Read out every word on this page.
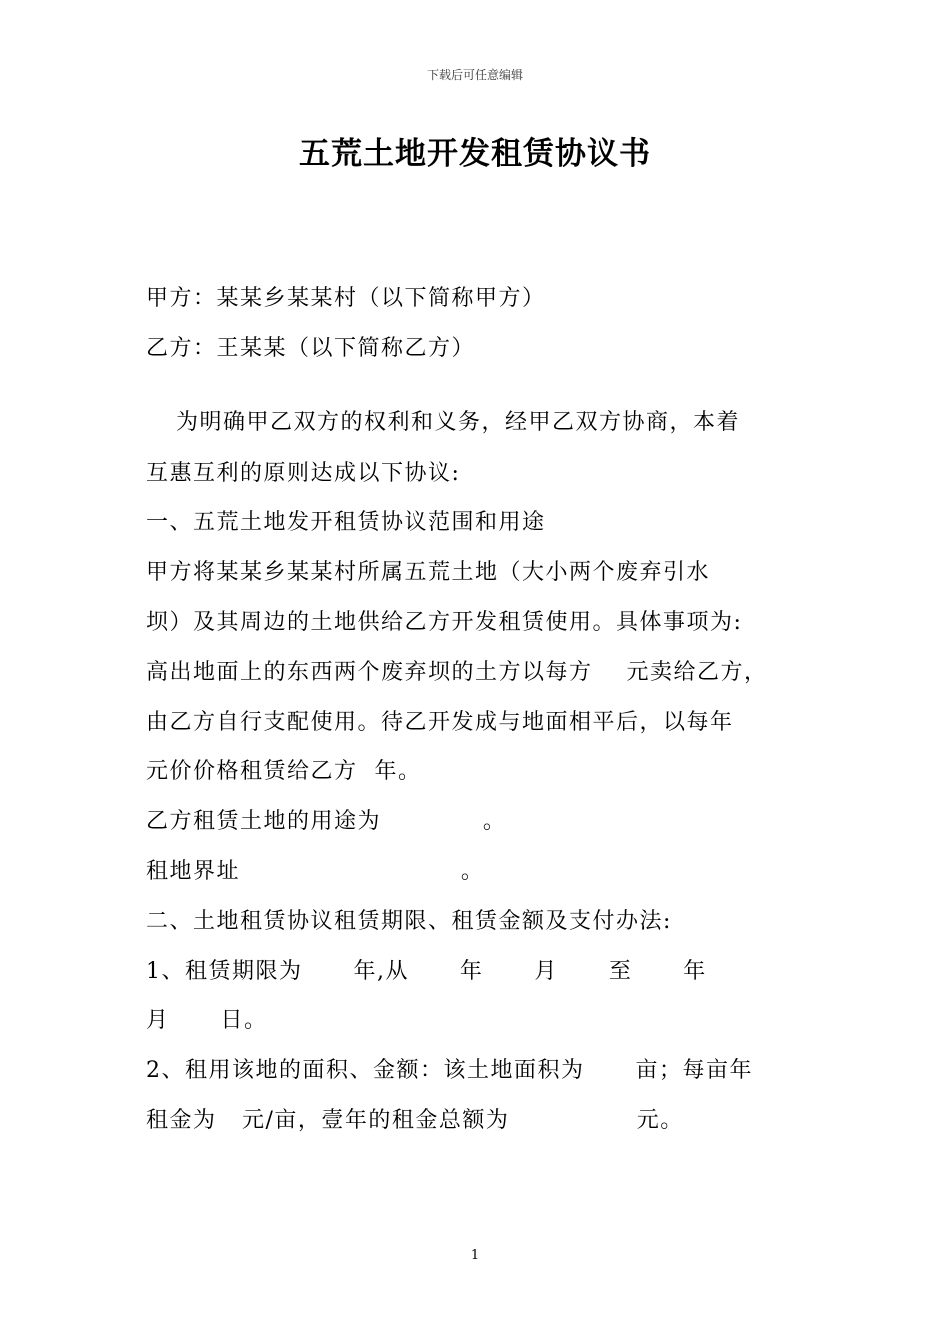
下载后可任意编辑
五荒土地开发租赁协议书
甲方：某某乡某某村（以下简称甲方）
乙方：王某某（以下简称乙方）
为明确甲乙双方的权利和义务，经甲乙双方协商，本着
互惠互利的原则达成以下协议:
一、五荒土地发开租赁协议范围和用途
甲方将某某乡某某村所属五荒土地（大小两个废弃引水
坝）及其周边的土地供给乙方开发租赁使用。具体事项为:
高出地面上的东西两个废弃坝的土方以每方    元卖给乙方，
由乙方自行支配使用。待乙开发成与地面相平后，以每年
元价价格租赁给乙方  年。
乙方租赁土地的用途为            。
租地界址                          。
二、土地租赁协议租赁期限、租赁金额及支付办法:
1、租赁期限为      年,从      年      月      至      年
月      日。
2、租用该地的面积、金额：该土地面积为      亩；每亩年
租金为   元/亩，壹年的租金总额为               元。
1
